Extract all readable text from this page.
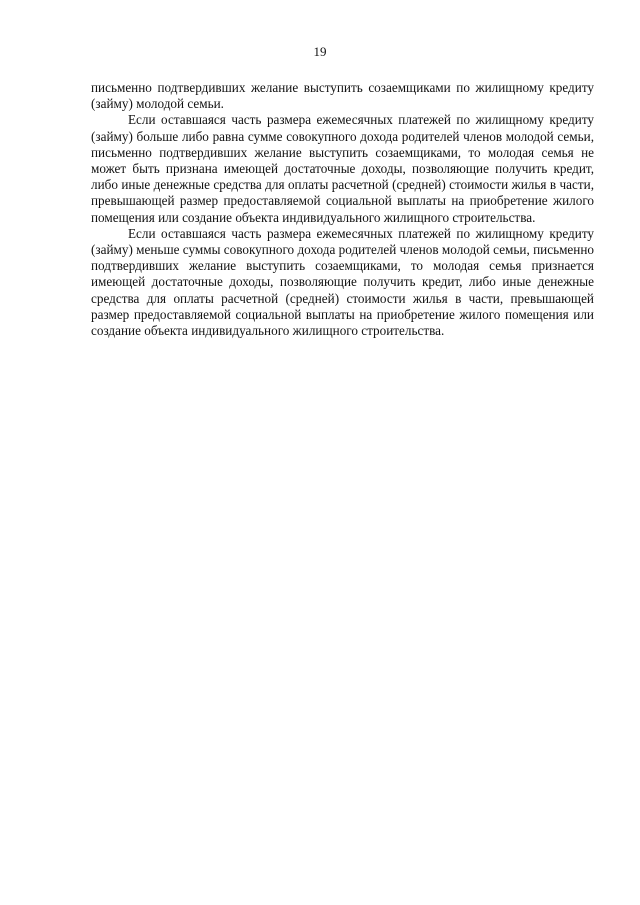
19

письменно подтвердивших желание выступить созаемщиками по жилищному кредиту (займу) молодой семьи.

Если оставшаяся часть размера ежемесячных платежей по жилищному кредиту (займу) больше либо равна сумме совокупного дохода родителей членов молодой семьи, письменно подтвердивших желание выступить созаемщиками, то молодая семья не может быть признана имеющей достаточные доходы, позволяющие получить кредит, либо иные денежные средства для оплаты расчетной (средней) стоимости жилья в части, превышающей размер предоставляемой социальной выплаты на приобретение жилого помещения или создание объекта индивидуального жилищного строительства.

Если оставшаяся часть размера ежемесячных платежей по жилищному кредиту (займу) меньше суммы совокупного дохода родителей членов молодой семьи, письменно подтвердивших желание выступить созаемщиками, то молодая семья признается имеющей достаточные доходы, позволяющие получить кредит, либо иные денежные средства для оплаты расчетной (средней) стоимости жилья в части, превышающей размер предоставляемой социальной выплаты на приобретение жилого помещения или создание объекта индивидуального жилищного строительства.
